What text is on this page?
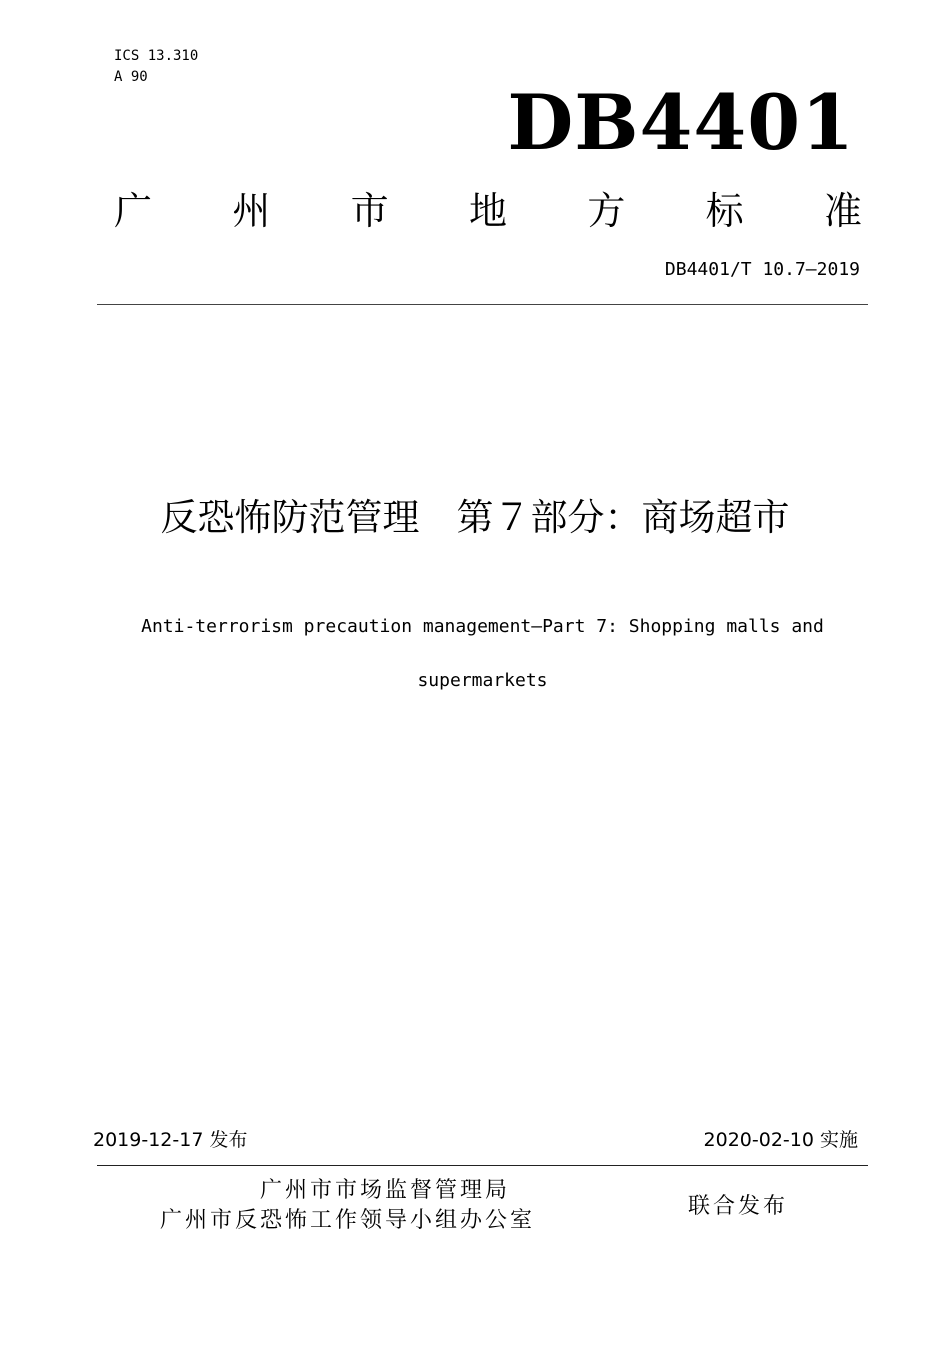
ICS 13.310
A 90
DB4401
广 州 市 地 方 标 准
DB4401/T 10.7—2019
反恐怖防范管理　第７部分：商场超市
Anti-terrorism precaution management—Part 7: Shopping malls and
supermarkets
2019-12-17 发布	2020-02-10 实施
广州市市场监督管理局
广州市反恐怖工作领导小组办公室
联合发布
